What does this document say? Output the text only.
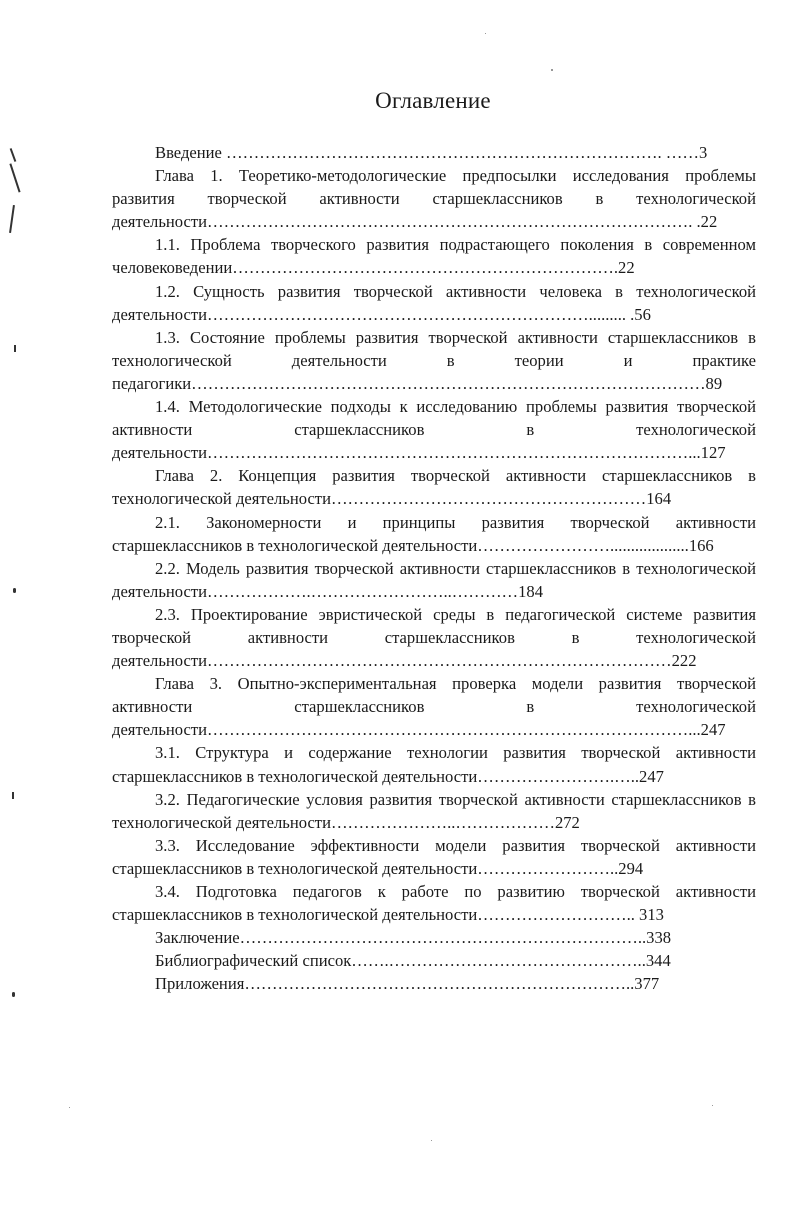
Оглавление

Введение ……………………………………………………………………. ……3

Глава 1. Теоретико-методологические предпосылки исследования проблемы развития творческой активности старшеклассников в технологической деятельности……………………………………………………………………………. .22

1.1. Проблема творческого развития подрастающего поколения в современном человековедении…………………………………………………………….22

1.2. Сущность развития творческой активности человека в технологической деятельности……………………………………………………………......... .56

1.3. Состояние проблемы развития творческой активности старшеклассников в технологической деятельности в теории и практике педагогики…………………………………………………………………………………89

1.4. Методологические подходы к исследованию проблемы развития творческой активности старшеклассников в технологической деятельности……………………………………………………………………………...127

Глава 2. Концепция развития творческой активности старшеклассников в технологической деятельности…………………………………………………164

2.1. Закономерности и принципы развития творческой активности старшеклассников в технологической деятельности……………………...................166

2.2. Модель развития творческой активности старшеклассников в технологической деятельности……………….……………………..…………184

2.3. Проектирование эвристической среды в педагогической системе развития творческой активности старшеклассников в технологической деятельности…………………………………………………………………………222

Глава 3. Опытно-экспериментальная проверка модели развития творческой активности старшеклассников в технологической деятельности……………………………………………………………………………...247

3.1. Структура и содержание технологии развития творческой активности старшеклассников в технологической деятельности…………………….…..247

3.2. Педагогические условия развития творческой активности старшеклассников в технологической деятельности…………………..………………272

3.3. Исследование эффективности модели развития творческой активности старшеклассников в технологической деятельности……………………..294

3.4. Подготовка педагогов к работе по развитию творческой активности старшеклассников в технологической деятельности……………………….. 313

Заключение………………………………………………………………..338

Библиографический список…….………………………………………..344

Приложения……………………………………………………………..377
